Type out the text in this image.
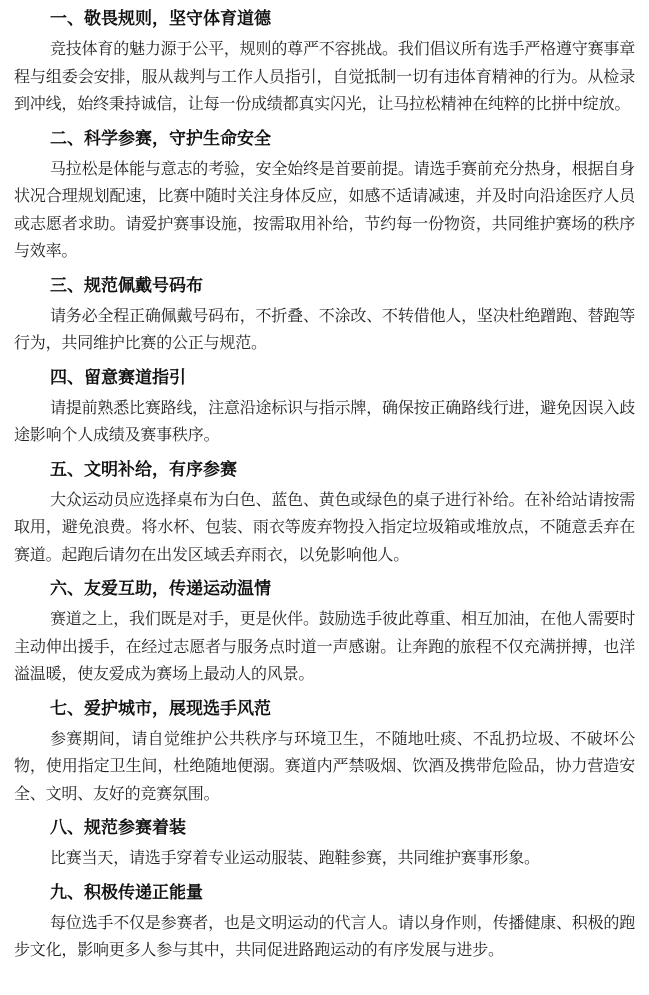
一、敬畏规则，坚守体育道德

竞技体育的魅力源于公平，规则的尊严不容挑战。我们倡议所有选手严格遵守赛事章程与组委会安排，服从裁判与工作人员指引，自觉抵制一切有违体育精神的行为。从检录到冲线，始终秉持诚信，让每一份成绩都真实闪光，让马拉松精神在纯粹的比拼中绽放。

二、科学参赛，守护生命安全

马拉松是体能与意志的考验，安全始终是首要前提。请选手赛前充分热身，根据自身状况合理规划配速，比赛中随时关注身体反应，如感不适请减速，并及时向沿途医疗人员或志愿者求助。请爱护赛事设施，按需取用补给，节约每一份物资，共同维护赛场的秩序与效率。

三、规范佩戴号码布

请务必全程正确佩戴号码布，不折叠、不涂改、不转借他人，坚决杜绝蹭跑、替跑等行为，共同维护比赛的公正与规范。

四、留意赛道指引

请提前熟悉比赛路线，注意沿途标识与指示牌，确保按正确路线行进，避免因误入歧途影响个人成绩及赛事秩序。

五、文明补给，有序参赛

大众运动员应选择桌布为白色、蓝色、黄色或绿色的桌子进行补给。在补给站请按需取用，避免浪费。将水杯、包装、雨衣等废弃物投入指定垃圾箱或堆放点，不随意丢弃在赛道。起跑后请勿在出发区域丢弃雨衣，以免影响他人。

六、友爱互助，传递运动温情

赛道之上，我们既是对手，更是伙伴。鼓励选手彼此尊重、相互加油，在他人需要时主动伸出援手，在经过志愿者与服务点时道一声感谢。让奔跑的旅程不仅充满拼搏，也洋溢温暖，使友爱成为赛场上最动人的风景。

七、爱护城市，展现选手风范

参赛期间，请自觉维护公共秩序与环境卫生，不随地吐痰、不乱扔垃圾、不破坏公物，使用指定卫生间，杜绝随地便溺。赛道内严禁吸烟、饮酒及携带危险品，协力营造安全、文明、友好的竞赛氛围。

八、规范参赛着装

比赛当天，请选手穿着专业运动服装、跑鞋参赛，共同维护赛事形象。

九、积极传递正能量

每位选手不仅是参赛者，也是文明运动的代言人。请以身作则，传播健康、积极的跑步文化，影响更多人参与其中，共同促进路跑运动的有序发展与进步。
